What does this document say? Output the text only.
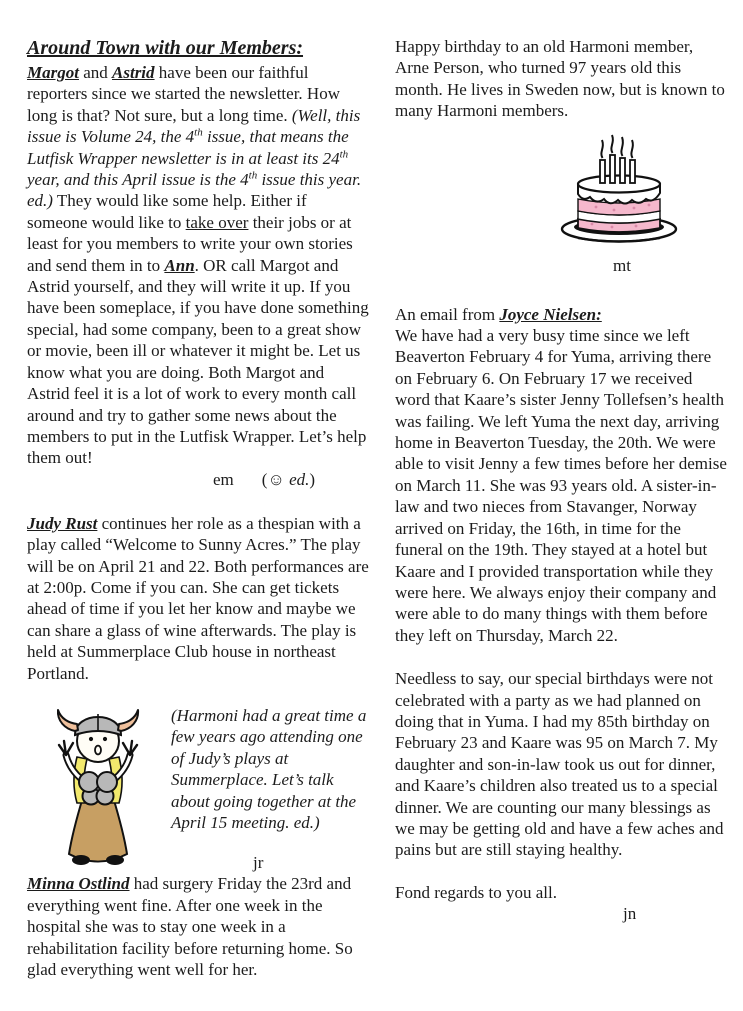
Around Town with our Members:

Margot and Astrid have been our faithful reporters since we started the newsletter. How long is that? Not sure, but a long time. (Well, this issue is Volume 24, the 4th issue, that means the Lutfisk Wrapper newsletter is in at least its 24th year, and this April issue is the 4th issue this year. ed.) They would like some help. Either if someone would like to take over their jobs or at least for you members to write your own stories and send them in to Ann. OR call Margot and Astrid yourself, and they will write it up. If you have been someplace, if you have done something special, had some company, been to a great show or movie, been ill or whatever it might be. Let us know what you are doing. Both Margot and Astrid feel it is a lot of work to every month call around and try to gather some news about the members to put in the Lutfisk Wrapper. Let’s help them out!

em (☺ ed.)

Judy Rust continues her role as a thespian with a play called “Welcome to Sunny Acres.” The play will be on April 21 and 22. Both performances are at 2:00p. Come if you can. She can get tickets ahead of time if you let her know and maybe we can share a glass of wine afterwards. The play is held at Summerplace Club house in northeast Portland.

(Harmoni had a great time a few years ago attending one of Judy’s plays at Summerplace. Let’s talk about going together at the April 15 meeting. ed.)

jr

Minna Ostlind had surgery Friday the 23rd and everything went fine. After one week in the hospital she was to stay one week in a rehabilitation facility before returning home. So glad everything went well for her.

Happy birthday to an old Harmoni member, Arne Person, who turned 97 years old this month. He lives in Sweden now, but is known to many Harmoni members.

mt

An email from Joyce Nielsen:

We have had a very busy time since we left Beaverton February 4 for Yuma, arriving there on February 6. On February 17 we received word that Kaare’s sister Jenny Tollefsen’s health was failing. We left Yuma the next day, arriving home in Beaverton Tuesday, the 20th. We were able to visit Jenny a few times before her demise on March 11. She was 93 years old. A sister-in-law and two nieces from Stavanger, Norway arrived on Friday, the 16th, in time for the funeral on the 19th. They stayed at a hotel but Kaare and I provided transportation while they were here. We always enjoy their company and were able to do many things with them before they left on Thursday, March 22.

Needless to say, our special birthdays were not celebrated with a party as we had planned on doing that in Yuma. I had my 85th birthday on February 23 and Kaare was 95 on March 7. My daughter and son-in-law took us out for dinner, and Kaare’s children also treated us to a special dinner. We are counting our many blessings as we may be getting old and have a few aches and pains but are still staying healthy.

Fond regards to you all.

jn
